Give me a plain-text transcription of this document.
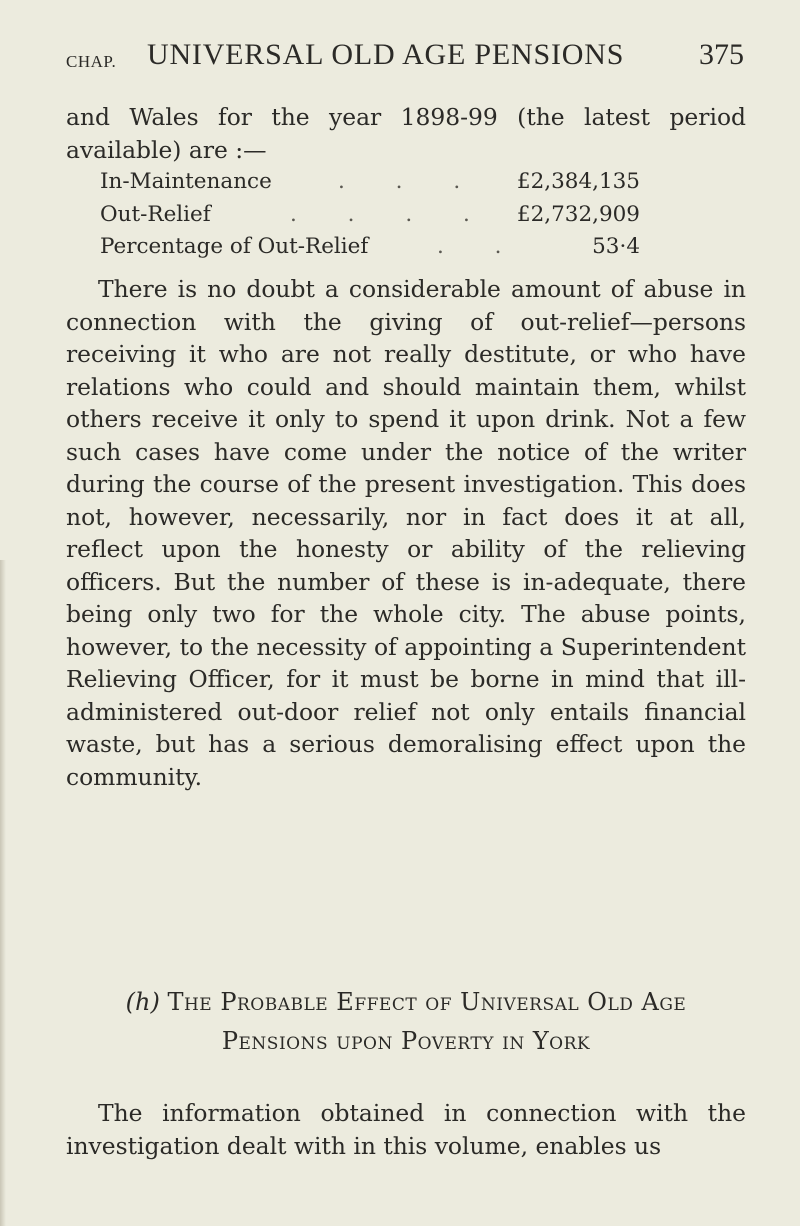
CHAP. UNIVERSAL OLD AGE PENSIONS 375

and Wales for the year 1898-99 (the latest period available) are :—

In-Maintenance	. . . £2,384,135
Out-Relief	. . . . £2,732,909
Percentage of Out-Relief	. .	53·4

There is no doubt a considerable amount of abuse in connection with the giving of out-relief—persons receiving it who are not really destitute, or who have relations who could and should maintain them, whilst others receive it only to spend it upon drink. Not a few such cases have come under the notice of the writer during the course of the present investigation. This does not, however, necessarily, nor in fact does it at all, reflect upon the honesty or ability of the relieving officers. But the number of these is in-adequate, there being only two for the whole city. The abuse points, however, to the necessity of appointing a Superintendent Relieving Officer, for it must be borne in mind that ill-administered out-door relief not only entails financial waste, but has a serious demoralising effect upon the community.

(h) The Probable Effect of Universal Old Age
Pensions upon Poverty in York

The information obtained in connection with the investigation dealt with in this volume, enables us
